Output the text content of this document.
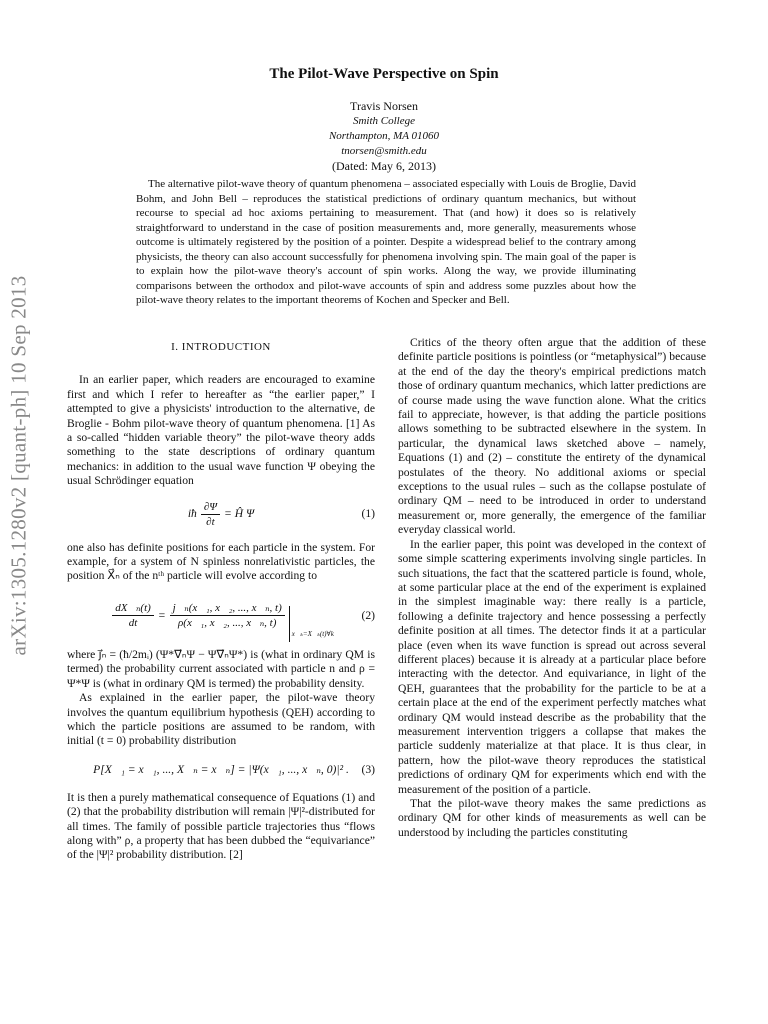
arXiv:1305.1280v2 [quant-ph] 10 Sep 2013
The Pilot-Wave Perspective on Spin
Travis Norsen
Smith College
Northampton, MA 01060
tnorsen@smith.edu
(Dated: May 6, 2013)
The alternative pilot-wave theory of quantum phenomena – associated especially with Louis de Broglie, David Bohm, and John Bell – reproduces the statistical predictions of ordinary quantum mechanics, but without recourse to special ad hoc axioms pertaining to measurement. That (and how) it does so is relatively straightforward to understand in the case of position measurements and, more generally, measurements whose outcome is ultimately registered by the position of a pointer. Despite a widespread belief to the contrary among physicists, the theory can also account successfully for phenomena involving spin. The main goal of the paper is to explain how the pilot-wave theory's account of spin works. Along the way, we provide illuminating comparisons between the orthodox and pilot-wave accounts of spin and address some puzzles about how the pilot-wave theory relates to the important theorems of Kochen and Specker and Bell.
I. INTRODUCTION

In an earlier paper, which readers are encouraged to examine first and which I refer to hereafter as “the earlier paper,” I attempted to give a physicists' introduction to the alternative, de Broglie - Bohm pilot-wave theory of quantum phenomena. [1] As a so-called “hidden variable theory” the pilot-wave theory adds something to the state descriptions of ordinary quantum mechanics: in addition to the usual wave function Ψ obeying the usual Schrödinger equation

iħ $\frac{\partial\Psi}{\partial t}$ = Ĥ Ψ	(1)

one also has definite positions for each particle in the system. For example, for a system of N spinless nonrelativistic particles, the position X⃗ₙ of the nᵗʰ particle will evolve according to

$\frac{\text{dX⃗ₙ(t)}}{dt} = \frac{\text{j⃗ₙ(x⃗₁, x⃗₂, ..., x⃗ₙ, t)}}{\text{ρ(x⃗₁, x⃗₂, ..., x⃗ₙ, t)}}$
x⃗ₖ=X⃗ₖ(t)∀k
(2)

where j⃗ₙ = (ħ/2mᵢ) (Ψ*∇⃗ₙΨ − Ψ∇⃗ₙΨ*) is (what in ordinary QM is termed) the probability current associated with particle n and ρ = Ψ*Ψ is (what in ordinary QM is termed) the probability density.

As explained in the earlier paper, the pilot-wave theory involves the quantum equilibrium hypothesis (QEH) according to which the particle positions are assumed to be random, with initial (t = 0) probability distribution

P[X⃗₁ = x⃗₁, ..., X⃗ₙ = x⃗ₙ] = |Ψ(x⃗₁, ..., x⃗ₙ, 0)|² . (3)

It is then a purely mathematical consequence of Equations (1) and (2) that the probability distribution will remain |Ψ|²-distributed for all times. The family of possible particle trajectories thus “flows along with” ρ, a property that has been dubbed the “equivariance” of the |Ψ|² probability distribution. [2]

Critics of the theory often argue that the addition of these definite particle positions is pointless (or “metaphysical”) because at the end of the day the theory's empirical predictions match those of ordinary quantum mechanics, which latter predictions are of course made using the wave function alone. What the critics fail to appreciate, however, is that adding the particle positions allows something to be subtracted elsewhere in the system. In particular, the dynamical laws sketched above – namely, Equations (1) and (2) – constitute the entirety of the dynamical postulates of the theory. No additional axioms or special exceptions to the usual rules – such as the collapse postulate of ordinary QM – need to be introduced in order to understand measurement or, more generally, the emergence of the familiar everyday classical world.

In the earlier paper, this point was developed in the context of some simple scattering experiments involving single particles. In such situations, the fact that the scattered particle is found, whole, at some particular place at the end of the experiment is explained in the simplest imaginable way: there really is a particle, following a definite trajectory and hence possessing a perfectly definite position at all times. The detector finds it at a particular place (even when its wave function is spread out across several different places) because it is already at a particular place before interacting with the detector. And equivariance, in light of the QEH, guarantees that the probability for the particle to be at a certain place at the end of the experiment perfectly matches what ordinary QM would instead describe as the probability that the measurement intervention triggers a collapse that makes the particle suddenly materialize at that place. It is thus clear, in pattern, how the pilot-wave theory reproduces the statistical predictions of ordinary QM for experiments which end with the measurement of the position of a particle.

That the pilot-wave theory makes the same predictions as ordinary QM for other kinds of measurements as well can be understood by including the particles constituting
